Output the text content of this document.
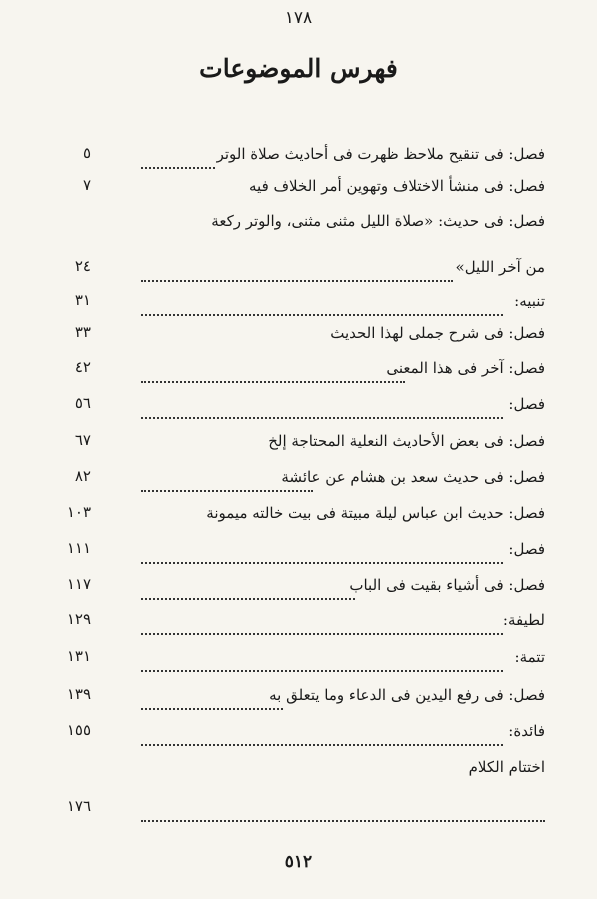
١٧٨
فهرس الموضوعات
فصل: فى تنقيح ملاحظ ظهرت فى أحاديث صلاة الوتر
٥
فصل: فى منشأ الاختلاف وتهوين أمر الخلاف فيه
٧
فصل: فى حديث: «صلاة الليل مثنى مثنى، والوتر ركعة
من آخر الليل»
٢٤
تنبيه:
٣١
فصل: فى شرح جملى لهذا الحديث
٣٣
فصل: آخر فى هذا المعنى
٤٢
فصل:
٥٦
فصل: فى بعض الأحاديث النعلية المحتاجة إلخ
٦٧
فصل: فى حديث سعد بن هشام عن عائشة
٨٢
فصل: حديث ابن عباس ليلة مبيتة فى بيت خالته ميمونة
١٠٣
فصل:
١١١
فصل: فى أشياء بقيت فى الباب
١١٧
لطيفة:
١٢٩
تتمة:
١٣١
فصل: فى رفع اليدين فى الدعاء وما يتعلق به
١٣٩
فائدة:
١٥٥
اختتام الكلام
١٧٦
٥١٢
